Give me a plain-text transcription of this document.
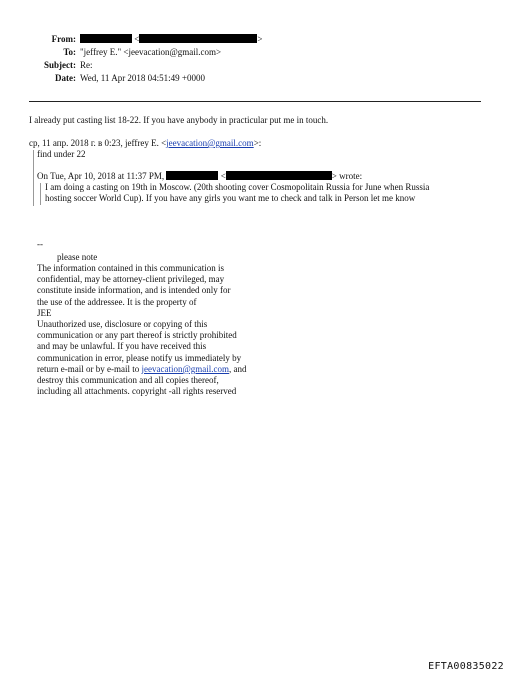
From:	<	>
To: "jeffrey E." <jeevacation@gmail.com>
Subject: Re:
Date: Wed, 11 Apr 2018 04:51:49 +0000
I already put casting list 18-22. If you have anybody in practicular put me in touch.
ср, 11 апр. 2018 г. в 0:23, jeffrey E. <jeevacation@gmail.com>:
find under 22
On Tue, Apr 10, 2018 at 11:37 PM,	<	> wrote:
I am doing a casting on 19th in Moscow. (20th shooting cover Cosmopolitain Russia for June when Russia
hosting soccer World Cup). If you have any girls you want me to check and talk in Person let me know
--
please note
The information contained in this communication is
confidential, may be attorney-client privileged, may
constitute inside information, and is intended only for
the use of the addressee. It is the property of
JEE
Unauthorized use, disclosure or copying of this
communication or any part thereof is strictly prohibited
and may be unlawful. If you have received this
communication in error, please notify us immediately by
return e-mail or by e-mail to jeevacation@gmail.com, and
destroy this communication and all copies thereof,
including all attachments. copyright -all rights reserved
EFTA00835022
